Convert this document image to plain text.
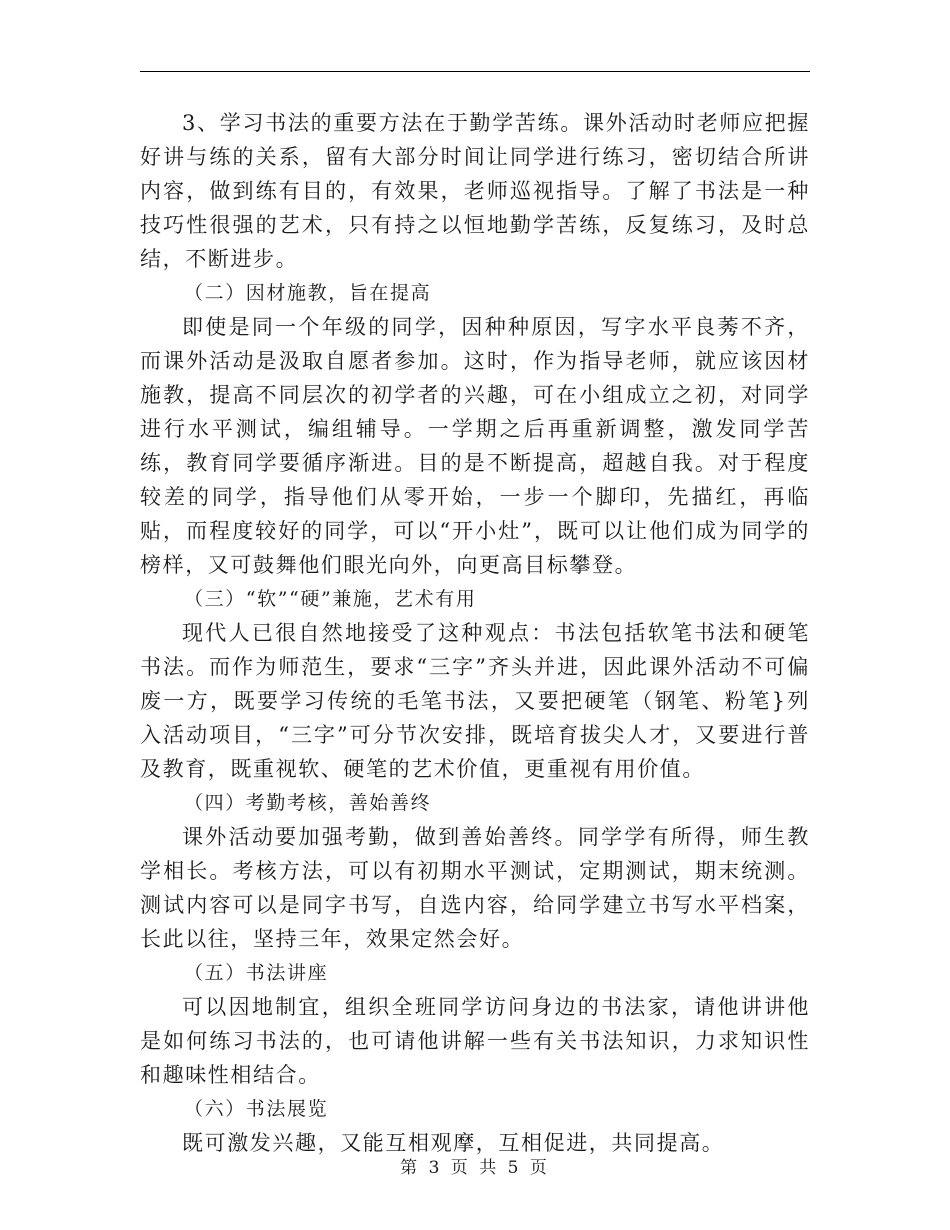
3、学习书法的重要方法在于勤学苦练。课外活动时老师应把握好讲与练的关系，留有大部分时间让同学进行练习，密切结合所讲内容，做到练有目的，有效果，老师巡视指导。了解了书法是一种技巧性很强的艺术，只有持之以恒地勤学苦练，反复练习，及时总结，不断进步。

（二）因材施教，旨在提高

即使是同一个年级的同学，因种种原因，写字水平良莠不齐，而课外活动是汲取自愿者参加。这时，作为指导老师，就应该因材施教，提高不同层次的初学者的兴趣，可在小组成立之初，对同学进行水平测试，编组辅导。一学期之后再重新调整，激发同学苦练，教育同学要循序渐进。目的是不断提高，超越自我。对于程度较差的同学，指导他们从零开始，一步一个脚印，先描红，再临贴，而程度较好的同学，可以“开小灶”，既可以让他们成为同学的榜样，又可鼓舞他们眼光向外，向更高目标攀登。

（三）“软”“硬”兼施，艺术有用

现代人已很自然地接受了这种观点：书法包括软笔书法和硬笔书法。而作为师范生，要求“三字”齐头并进，因此课外活动不可偏废一方，既要学习传统的毛笔书法，又要把硬笔（钢笔、粉笔}列入活动项目，“三字”可分节次安排，既培育拔尖人才，又要进行普及教育，既重视软、硬笔的艺术价值，更重视有用价值。

（四）考勤考核，善始善终

课外活动要加强考勤，做到善始善终。同学学有所得，师生教学相长。考核方法，可以有初期水平测试，定期测试，期末统测。测试内容可以是同字书写，自选内容，给同学建立书写水平档案，长此以往，坚持三年，效果定然会好。

（五）书法讲座

可以因地制宜，组织全班同学访问身边的书法家，请他讲讲他是如何练习书法的，也可请他讲解一些有关书法知识，力求知识性和趣味性相结合。

（六）书法展览

既可激发兴趣，又能互相观摩，互相促进，共同提高。

第 3 页 共 5 页
